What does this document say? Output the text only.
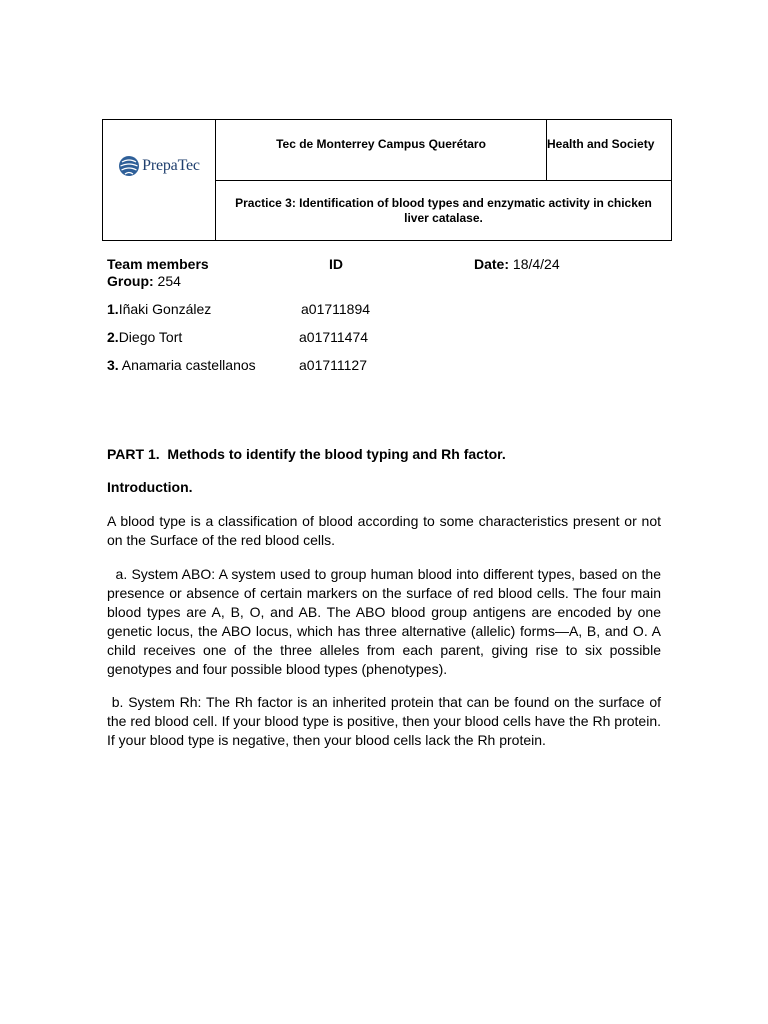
PrepaTec
Tec de Monterrey Campus Querétaro	Health and Society
Practice 3: Identification of blood types and enzymatic activity in chicken liver catalase.
Team members	ID	Date: 18/4/24
Group: 254
1.Iñaki González	a01711894
2.Diego Tort	a01711474
3. Anamaria castellanos	a01711127
PART 1.  Methods to identify the blood typing and Rh factor.
Introduction.
A blood type is a classification of blood according to some characteristics present or not on the Surface of the red blood cells.
a. System ABO: A system used to group human blood into different types, based on the presence or absence of certain markers on the surface of red blood cells. The four main blood types are A, B, O, and AB. The ABO blood group antigens are encoded by one genetic locus, the ABO locus, which has three alternative (allelic) forms—A, B, and O. A child receives one of the three alleles from each parent, giving rise to six possible genotypes and four possible blood types (phenotypes).
b. System Rh: The Rh factor is an inherited protein that can be found on the surface of the red blood cell. If your blood type is positive, then your blood cells have the Rh protein. If your blood type is negative, then your blood cells lack the Rh protein.
